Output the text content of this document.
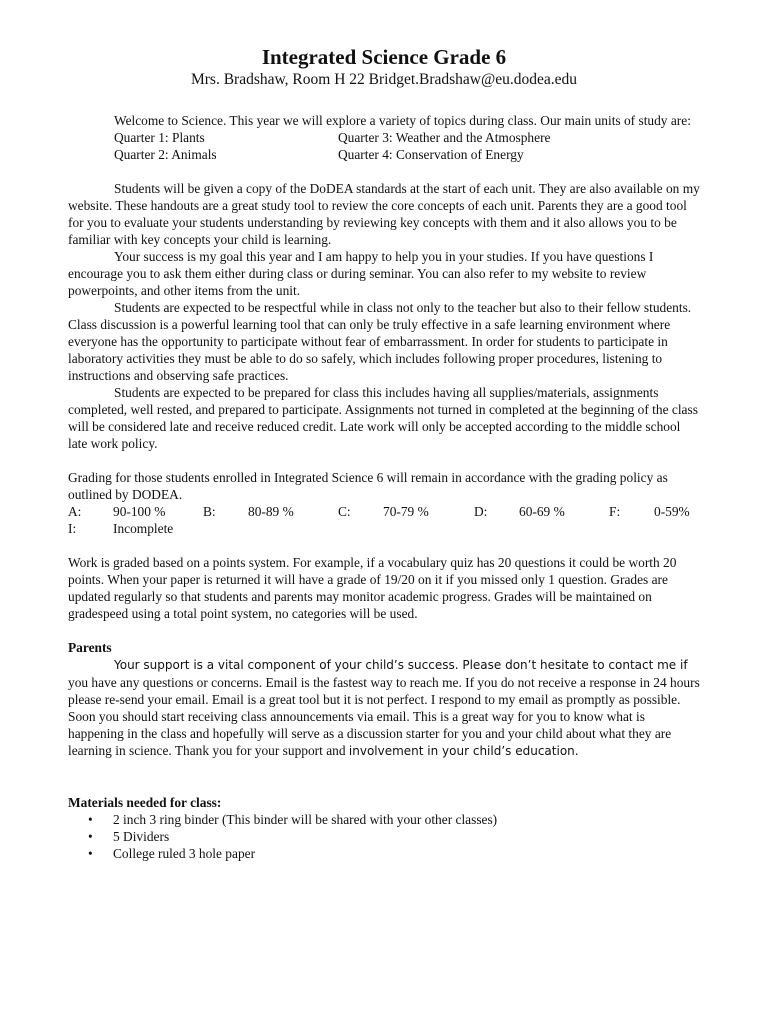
Integrated Science Grade 6

Mrs. Bradshaw, Room H 22 Bridget.Bradshaw@eu.dodea.edu

Welcome to Science. This year we will explore a variety of topics during class. Our main units of study are:

Quarter 1: Plants	Quarter 3: Weather and the Atmosphere
Quarter 2: Animals	Quarter 4: Conservation of Energy

Students will be given a copy of the DoDEA standards at the start of each unit. They are also available on my website. These handouts are a great study tool to review the core concepts of each unit. Parents they are a good tool for you to evaluate your students understanding by reviewing key concepts with them and it also allows you to be familiar with key concepts your child is learning.

Your success is my goal this year and I am happy to help you in your studies. If you have questions I encourage you to ask them either during class or during seminar. You can also refer to my website to review powerpoints, and other items from the unit.

Students are expected to be respectful while in class not only to the teacher but also to their fellow students. Class discussion is a powerful learning tool that can only be truly effective in a safe learning environment where everyone has the opportunity to participate without fear of embarrassment. In order for students to participate in laboratory activities they must be able to do so safely, which includes following proper procedures, listening to instructions and observing safe practices.

Students are expected to be prepared for class this includes having all supplies/materials, assignments completed, well rested, and prepared to participate. Assignments not turned in completed at the beginning of the class will be considered late and receive reduced credit. Late work will only be accepted according to the middle school late work policy.

Grading for those students enrolled in Integrated Science 6 will remain in accordance with the grading policy as outlined by DODEA.

A:	90-100 %	B:	80-89 %	C:	70-79 %	D:	60-69 %	F:	0-59%
I:	Incomplete

Work is graded based on a points system. For example, if a vocabulary quiz has 20 questions it could be worth 20 points. When your paper is returned it will have a grade of 19/20 on it if you missed only 1 question. Grades are updated regularly so that students and parents may monitor academic progress. Grades will be maintained on gradespeed using a total point system, no categories will be used.

Parents

Your support is a vital component of your child’s success. Please don’t hesitate to contact me if you have any questions or concerns. Email is the fastest way to reach me. If you do not receive a response in 24 hours please re-send your email. Email is a great tool but it is not perfect. I respond to my email as promptly as possible. Soon you should start receiving class announcements via email. This is a great way for you to know what is happening in the class and hopefully will serve as a discussion starter for you and your child about what they are learning in science. Thank you for your support and involvement in your child’s education.

Materials needed for class:

• 2 inch 3 ring binder (This binder will be shared with your other classes)
• 5 Dividers
• College ruled 3 hole paper
